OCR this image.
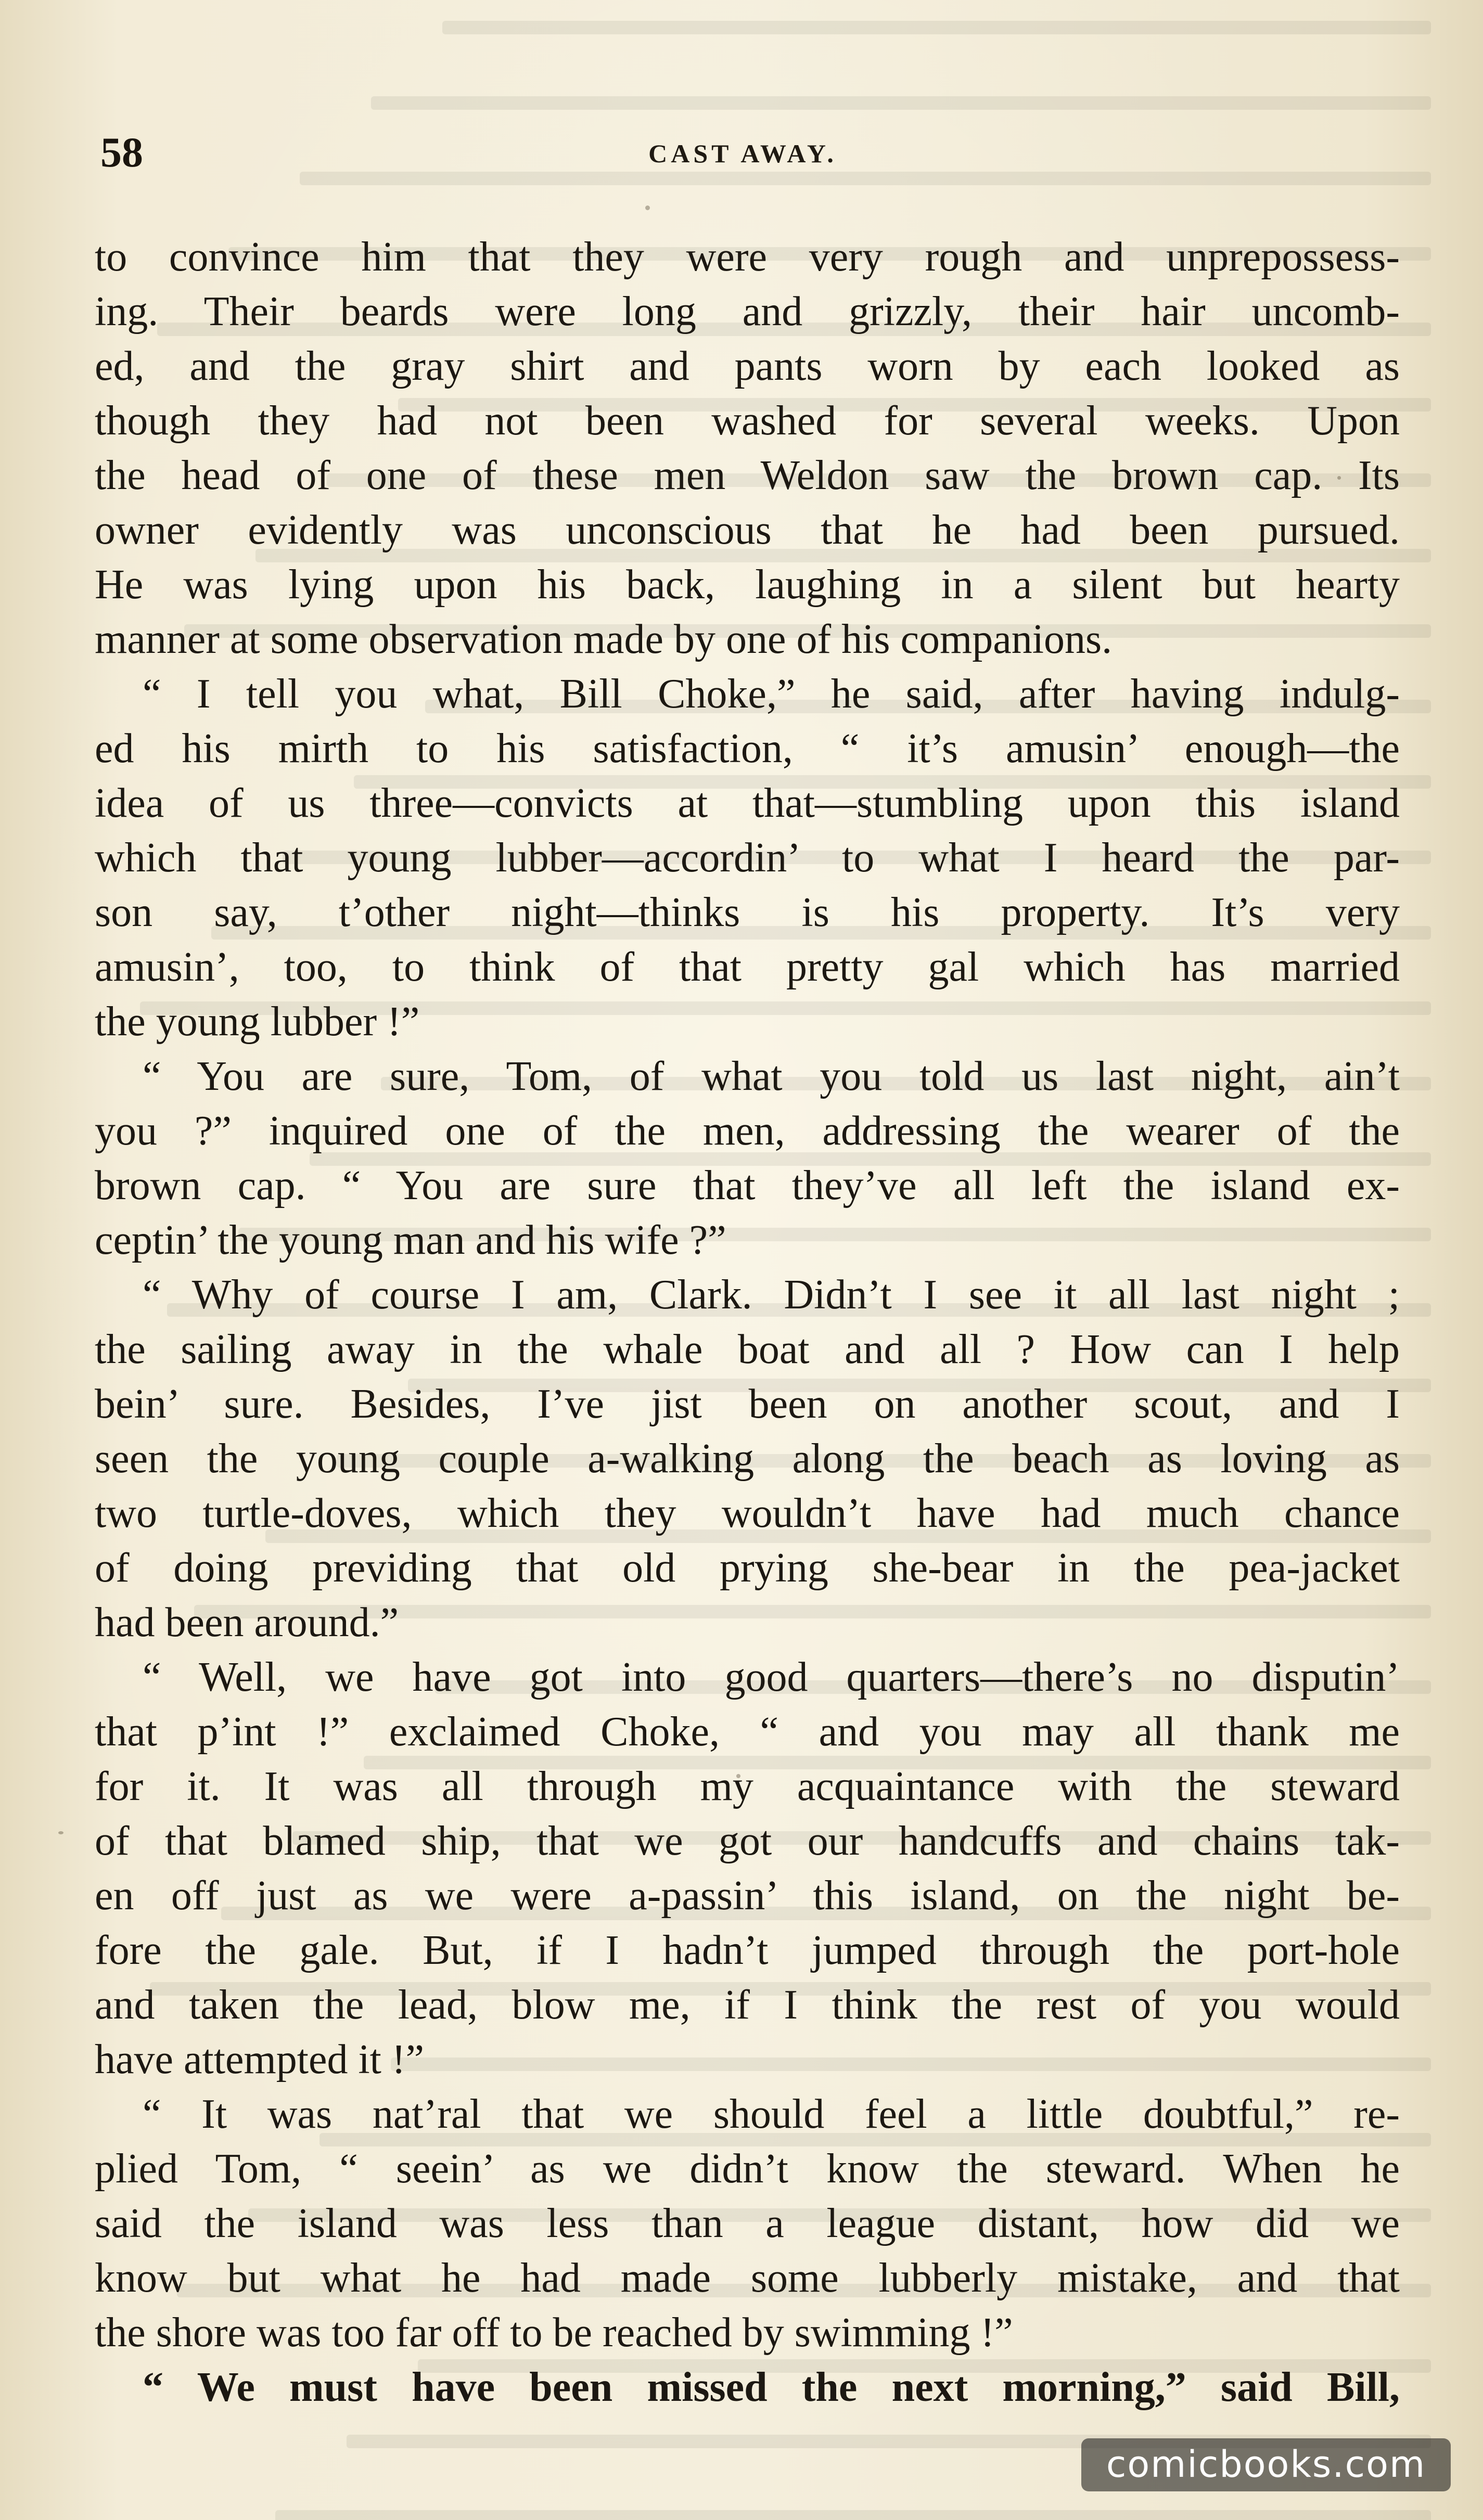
58	CAST AWAY.
to convince him that they were very rough and unprepossess-
ing. Their beards were long and grizzly, their hair uncomb-
ed, and the gray shirt and pants worn by each looked as
though they had not been washed for several weeks. Upon
the head of one of these men Weldon saw the brown cap. Its
owner evidently was unconscious that he had been pursued.
He was lying upon his back, laughing in a silent but hearty
manner at some observation made by one of his companions.
“ I tell you what, Bill Choke,” he said, after having indulg-
ed his mirth to his satisfaction, “ it’s amusin’ enough—the
idea of us three—convicts at that—stumbling upon this island
which that young lubber—accordin’ to what I heard the par-
son say, t’other night—thinks is his property. It’s very
amusin’, too, to think of that pretty gal which has married
the young lubber !”
“ You are sure, Tom, of what you told us last night, ain’t
you ?” inquired one of the men, addressing the wearer of the
brown cap. “ You are sure that they’ve all left the island ex-
ceptin’ the young man and his wife ?”
“ Why of course I am, Clark. Didn’t I see it all last night ;
the sailing away in the whale boat and all ? How can I help
bein’ sure. Besides, I’ve jist been on another scout, and I
seen the young couple a-walking along the beach as loving as
two turtle-doves, which they wouldn’t have had much chance
of doing previding that old prying she-bear in the pea-jacket
had been around.”
“ Well, we have got into good quarters—there’s no disputin’
that p’int !” exclaimed Choke, “ and you may all thank me
for it. It was all through my acquaintance with the steward
of that blamed ship, that we got our handcuffs and chains tak-
en off just as we were a-passin’ this island, on the night be-
fore the gale. But, if I hadn’t jumped through the port-hole
and taken the lead, blow me, if I think the rest of you would
have attempted it !”
“ It was nat’ral that we should feel a little doubtful,” re-
plied Tom, “ seein’ as we didn’t know the steward. When he
said the island was less than a league distant, how did we
know but what he had made some lubberly mistake, and that
the shore was too far off to be reached by swimming !”
“ We must have been missed the next morning,” said Bill,
comicbooks.com
